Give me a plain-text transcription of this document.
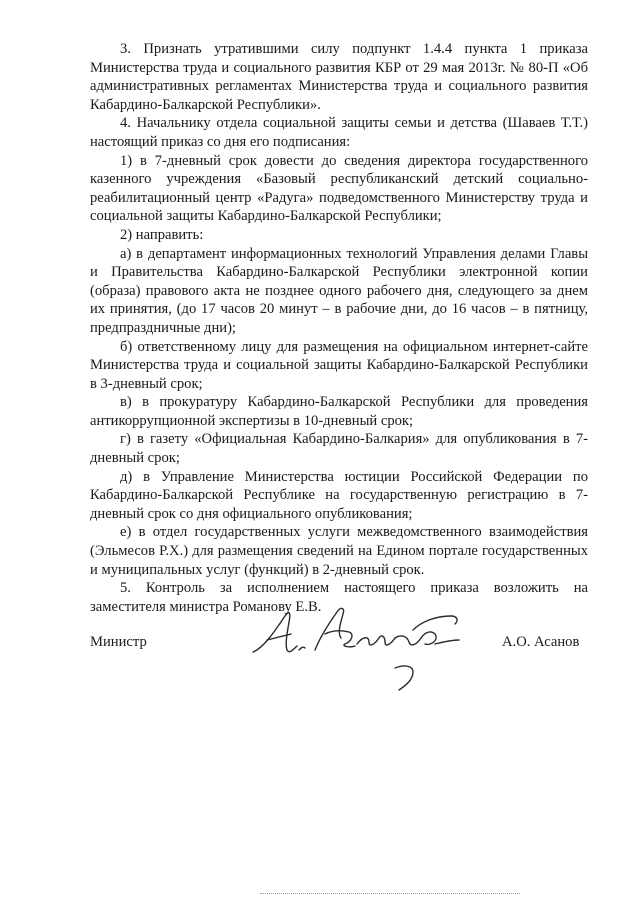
3. Признать утратившими силу подпункт 1.4.4 пункта 1 приказа Министерства труда и социального развития КБР от 29 мая 2013г. № 80-П «Об административных регламентах Министерства труда и социального развития Кабардино-Балкарской Республики».

4. Начальнику отдела социальной защиты семьи и детства (Шаваев Т.Т.) настоящий приказ со дня его подписания:

1) в 7-дневный срок довести до сведения директора государственного казенного учреждения «Базовый республиканский детский социально-реабилитационный центр «Радуга» подведомственного Министерству труда и социальной защиты Кабардино-Балкарской Республики;

2) направить:

а) в департамент информационных технологий Управления делами Главы и Правительства Кабардино-Балкарской Республики электронной копии (образа) правового акта не позднее одного рабочего дня, следующего за днем их принятия, (до 17 часов 20 минут – в рабочие дни, до 16 часов – в пятницу, предпраздничные дни);

б) ответственному лицу для размещения на официальном интернет-сайте Министерства труда и социальной защиты Кабардино-Балкарской Республики в 3-дневный срок;

в) в прокуратуру Кабардино-Балкарской Республики для проведения антикоррупционной экспертизы в 10-дневный срок;

г) в газету «Официальная Кабардино-Балкария» для опубликования в 7-дневный срок;

д) в Управление Министерства юстиции Российской Федерации по Кабардино-Балкарской Республике на государственную регистрацию в 7-дневный срок со дня официального опубликования;

е) в отдел государственных услуги межведомственного взаимодействия (Эльмесов Р.Х.) для размещения сведений на Едином портале государственных и муниципальных услуг (функций) в 2-дневный срок.

5. Контроль за исполнением настоящего приказа возложить на заместителя министра Романову Е.В.

Министр	А.О. Асанов
